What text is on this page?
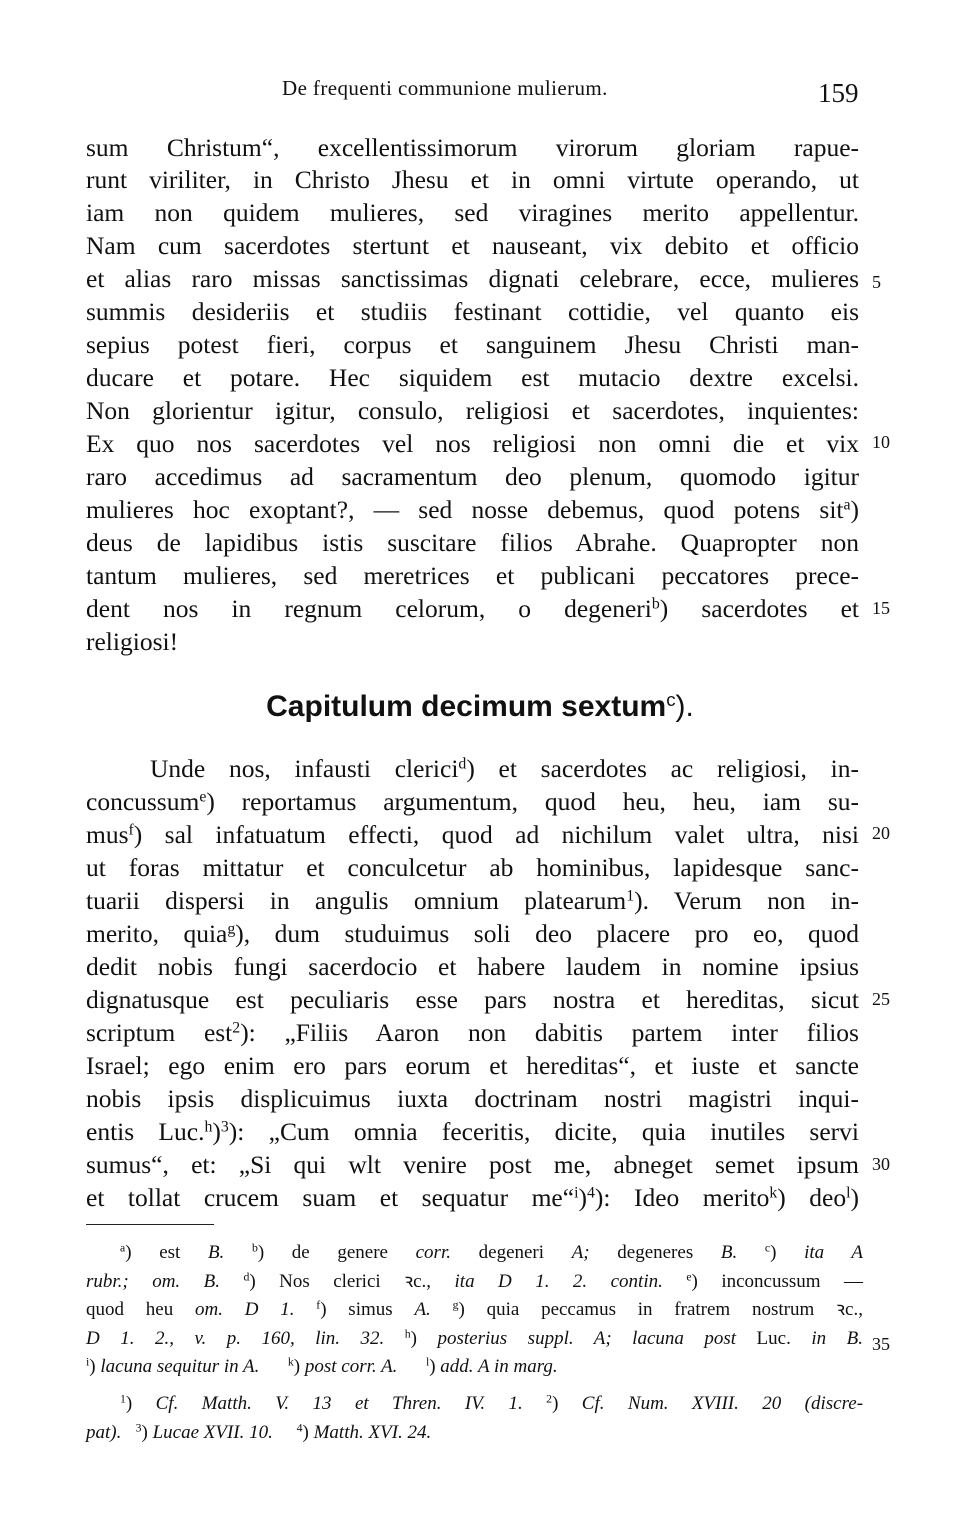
De frequenti communione mulierum.	159
sum Christum“, excellentissimorum virorum gloriam rapue-
runt viriliter, in Christo Jhesu et in omni virtute operando, ut
iam non quidem mulieres, sed viragines merito appellentur.
Nam cum sacerdotes stertunt et nauseant, vix debito et officio
et alias raro missas sanctissimas dignati celebrare, ecce, mulieres
summis desideriis et studiis festinant cottidie, vel quanto eis
sepius potest fieri, corpus et sanguinem Jhesu Christi man-
ducare et potare. Hec siquidem est mutacio dextre excelsi.
Non glorientur igitur, consulo, religiosi et sacerdotes, inquientes:
Ex quo nos sacerdotes vel nos religiosi non omni die et vix
raro accedimus ad sacramentum deo plenum, quomodo igitur
mulieres hoc exoptant?, — sed nosse debemus, quod potens sit$^a$)
deus de lapidibus istis suscitare filios Abrahe. Quapropter non
tantum mulieres, sed meretrices et publicani peccatores prece-
dent nos in regnum celorum, o degeneri$^b$) sacerdotes et
religiosi!
Capitulum decimum sextum$^c$).
Unde nos, infausti clerici$^d$) et sacerdotes ac religiosi, in-
concussum$^e$) reportamus argumentum, quod heu, heu, iam su-
mus$^f$) sal infatuatum effecti, quod ad nichilum valet ultra, nisi
ut foras mittatur et conculcetur ab hominibus, lapidesque sanc-
tuarii dispersi in angulis omnium platearum$^1$). Verum non in-
merito, quia$^g$), dum studuimus soli deo placere pro eo, quod
dedit nobis fungi sacerdocio et habere laudem in nomine ipsius
dignatusque est peculiaris esse pars nostra et hereditas, sicut
scriptum est$^2$): „Filiis Aaron non dabitis partem inter filios
Israel; ego enim ero pars eorum et hereditas“, et iuste et sancte
nobis ipsis displicuimus iuxta doctrinam nostri magistri inqui-
entis Luc.$^h$)$^3$): „Cum omnia feceritis, dicite, quia inutiles servi
sumus“, et: „Si qui wlt venire post me, abneget semet ipsum
et tollat crucem suam et sequatur me“$^i$)$^4$): Ideo merito$^k$) deo$^l$)
5
10
15
20
25
30
35
$^a$) est B. $^b$) de genere corr. degeneri A; degeneres B. $^c$) ita A
rubr.; om. B. $^d$) Nos clerici ꝛc., ita D 1. 2. contin. $^e$) inconcussum —
quod heu om. D 1. $^f$) simus A. $^g$) quia peccamus in fratrem nostrum ꝛc.,
D 1. 2., v. p. 160, lin. 32. $^h$) posterius suppl. A; lacuna post Luc. in B.
$^i$) lacuna sequitur in A. $^k$) post corr. A. $^l$) add. A in marg.
$^1$) Cf. Matth. V. 13 et Thren. IV. 1. $^2$) Cf. Num. XVIII. 20 (discre-
pat). $^3$) Lucae XVII. 10. $^4$) Matth. XVI. 24.
